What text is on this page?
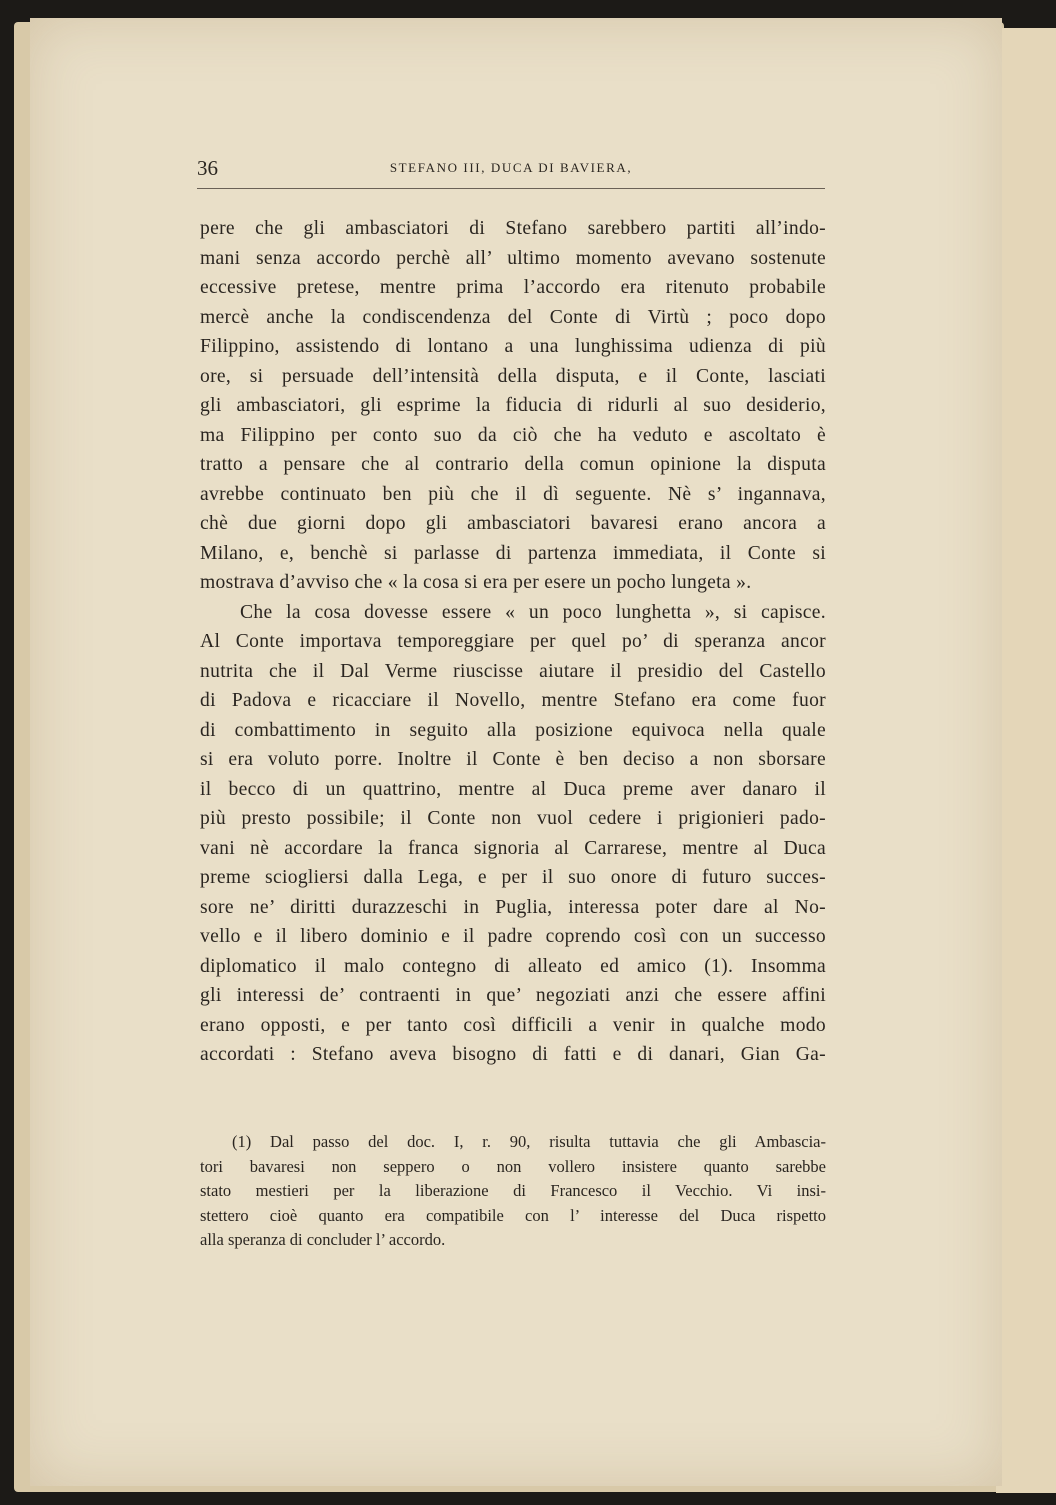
36	STEFANO III, DUCA DI BAVIERA,
pere che gli ambasciatori di Stefano sarebbero partiti all’indo-
mani senza accordo perchè all’ ultimo momento avevano sostenute
eccessive pretese, mentre prima l’accordo era ritenuto probabile
mercè anche la condiscendenza del Conte di Virtù ; poco dopo
Filippino, assistendo di lontano a una lunghissima udienza di più
ore, si persuade dell’intensità della disputa, e il Conte, lasciati
gli ambasciatori, gli esprime la fiducia di ridurli al suo desiderio,
ma Filippino per conto suo da ciò che ha veduto e ascoltato è
tratto a pensare che al contrario della comun opinione la disputa
avrebbe continuato ben più che il dì seguente. Nè s’ ingannava,
chè due giorni dopo gli ambasciatori bavaresi erano ancora a
Milano, e, benchè si parlasse di partenza immediata, il Conte si
mostrava d’avviso che « la cosa si era per esere un pocho lungeta ».
Che la cosa dovesse essere « un poco lunghetta », si capisce.
Al Conte importava temporeggiare per quel po’ di speranza ancor
nutrita che il Dal Verme riuscisse aiutare il presidio del Castello
di Padova e ricacciare il Novello, mentre Stefano era come fuor
di combattimento in seguito alla posizione equivoca nella quale
si era voluto porre. Inoltre il Conte è ben deciso a non sborsare
il becco di un quattrino, mentre al Duca preme aver danaro il
più presto possibile; il Conte non vuol cedere i prigionieri pado-
vani nè accordare la franca signoria al Carrarese, mentre al Duca
preme sciogliersi dalla Lega, e per il suo onore di futuro succes-
sore ne’ diritti durazzeschi in Puglia, interessa poter dare al No-
vello e il libero dominio e il padre coprendo così con un successo
diplomatico il malo contegno di alleato ed amico (1). Insomma
gli interessi de’ contraenti in que’ negoziati anzi che essere affini
erano opposti, e per tanto così difficili a venir in qualche modo
accordati : Stefano aveva bisogno di fatti e di danari, Gian Ga-
(1) Dal passo del doc. I, r. 90, risulta tuttavia che gli Ambascia-
tori bavaresi non seppero o non vollero insistere quanto sarebbe
stato mestieri per la liberazione di Francesco il Vecchio. Vi insi-
stettero cioè quanto era compatibile con l’ interesse del Duca rispetto
alla speranza di concluder l’ accordo.
